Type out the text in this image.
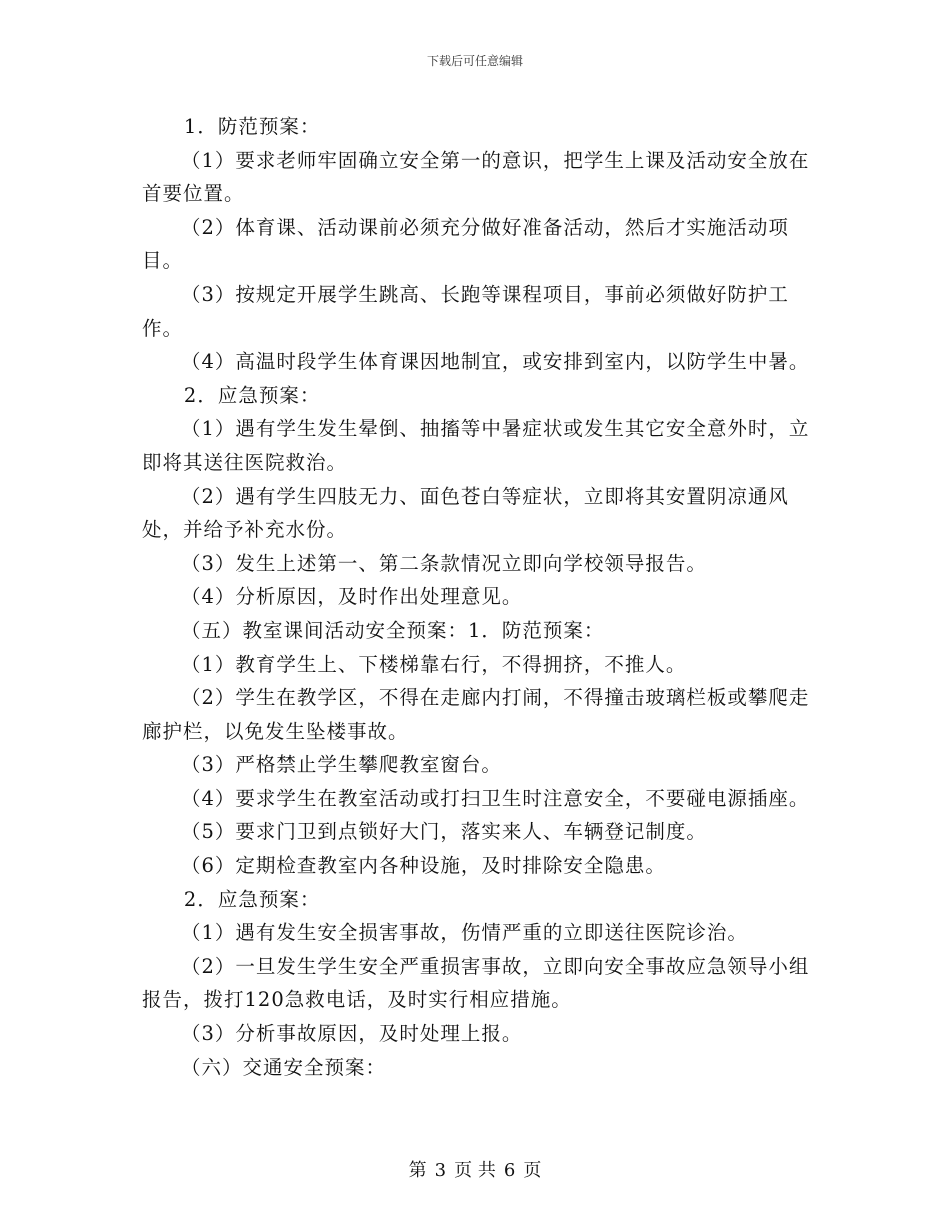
下载后可任意编辑

1．防范预案：

（1）要求老师牢固确立安全第一的意识，把学生上课及活动安全放在首要位置。

（2）体育课、活动课前必须充分做好准备活动，然后才实施活动项目。

（3）按规定开展学生跳高、长跑等课程项目，事前必须做好防护工作。

（4）高温时段学生体育课因地制宜，或安排到室内，以防学生中暑。

2．应急预案：

（1）遇有学生发生晕倒、抽搐等中暑症状或发生其它安全意外时，立即将其送往医院救治。

（2）遇有学生四肢无力、面色苍白等症状，立即将其安置阴凉通风处，并给予补充水份。

（3）发生上述第一、第二条款情况立即向学校领导报告。

（4）分析原因，及时作出处理意见。

（五）教室课间活动安全预案：1．防范预案：

（1）教育学生上、下楼梯靠右行，不得拥挤，不推人。

（2）学生在教学区，不得在走廊内打闹，不得撞击玻璃栏板或攀爬走廊护栏，以免发生坠楼事故。

（3）严格禁止学生攀爬教室窗台。

（4）要求学生在教室活动或打扫卫生时注意安全，不要碰电源插座。

（5）要求门卫到点锁好大门，落实来人、车辆登记制度。

（6）定期检查教室内各种设施，及时排除安全隐患。

2．应急预案：

（1）遇有发生安全损害事故，伤情严重的立即送往医院诊治。

（2）一旦发生学生安全严重损害事故，立即向安全事故应急领导小组报告，拨打120急救电话，及时实行相应措施。

（3）分析事故原因，及时处理上报。

（六）交通安全预案：

第 3 页 共 6 页
